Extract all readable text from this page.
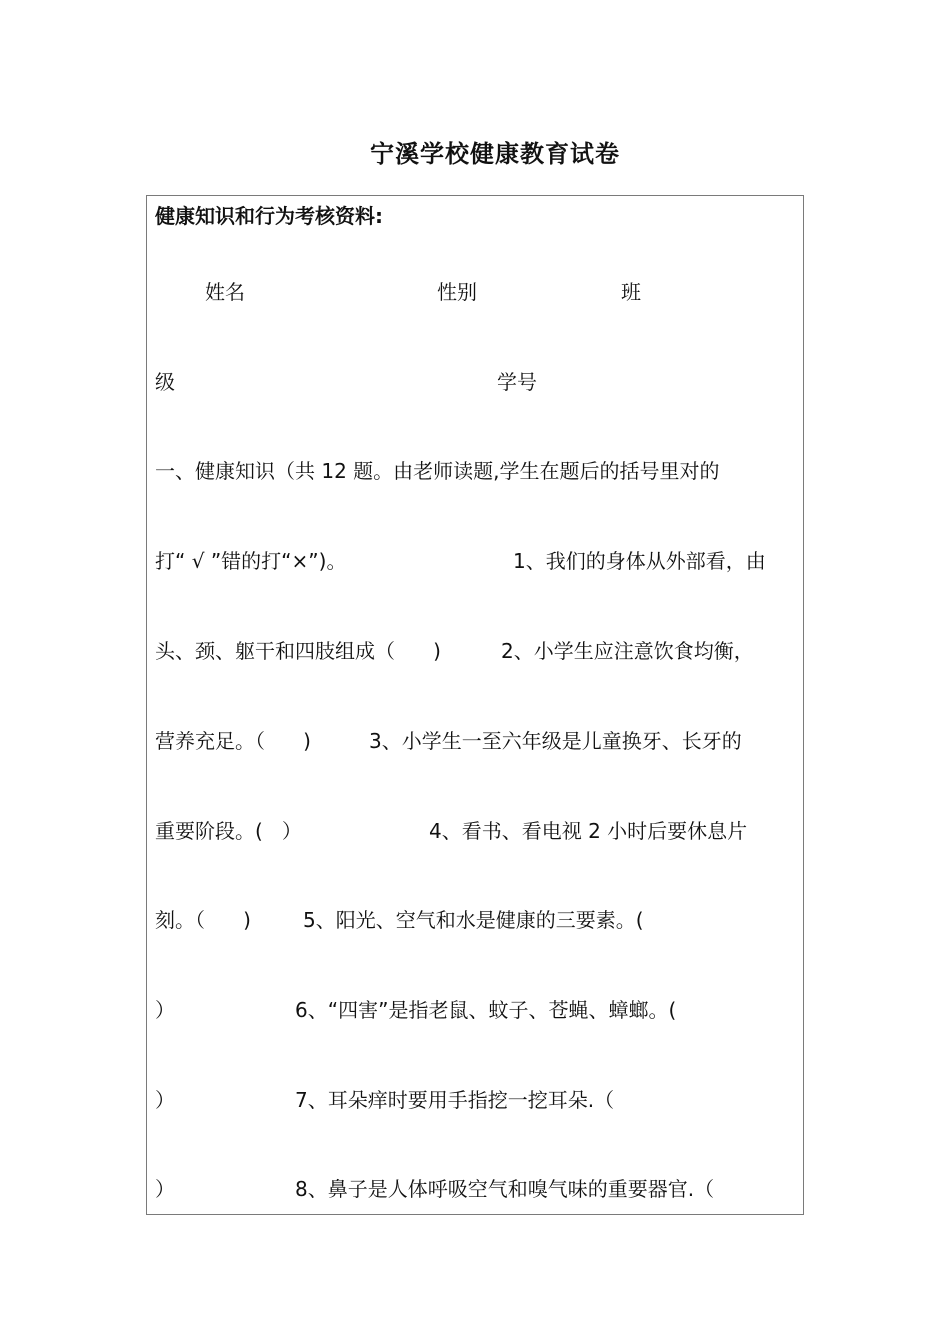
宁溪学校健康教育试卷
健康知识和行为考核资料:
姓名	性别	班
级	学号
一、健康知识（共 12 题。由老师读题,学生在题后的括号里对的
打“ √ ”错的打“×”)。	1、我们的身体从外部看，由
头、颈、躯干和四肢组成（      )	2、小学生应注意饮食均衡，
营养充足。（      )	3、小学生一至六年级是儿童换牙、长牙的
重要阶段。(   ）	4、看书、看电视 2 小时后要休息片
刻。（      )	5、阳光、空气和水是健康的三要素。(
）	6、“四害”是指老鼠、蚊子、苍蝇、蟑螂。(
）	7、耳朵痒时要用手指挖一挖耳朵.（
）	8、鼻子是人体呼吸空气和嗅气味的重要器官.（
